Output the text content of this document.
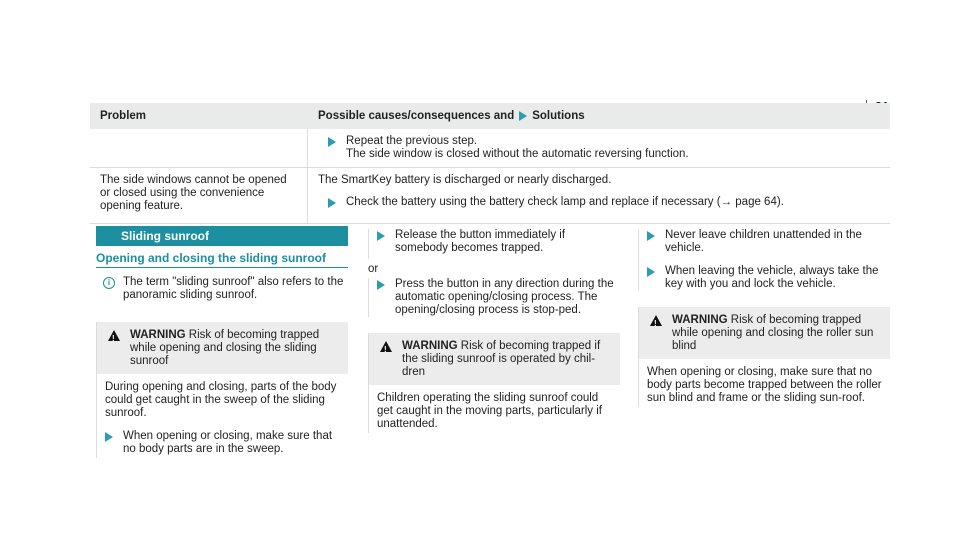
Problem	Possible causes/consequences and Solutions
Repeat the previous step.
The side window is closed without the automatic reversing function.
The side windows cannot be opened or closed using the convenience opening feature.
The SmartKey battery is discharged or nearly discharged.
Check the battery using the battery check lamp and replace if necessary (→ page 64).
Sliding sunroof
Opening and closing the sliding sunroof
i	The term "sliding sunroof" also refers to the panoramic sliding sunroof.
! WARNING Risk of becoming trapped while opening and closing the sliding sunroof
During opening and closing, parts of the body could get caught in the sweep of the sliding sunroof.
When opening or closing, make sure that no body parts are in the sweep.
Release the button immediately if somebody becomes trapped.
or
Press the button in any direction during the automatic opening/closing process. The opening/closing process is stop-ped.
! WARNING Risk of becoming trapped if the sliding sunroof is operated by chil-dren
Children operating the sliding sunroof could get caught in the moving parts, particularly if unattended.
Never leave children unattended in the vehicle.
When leaving the vehicle, always take the key with you and lock the vehicle.
! WARNING Risk of becoming trapped while opening and closing the roller sun blind
When opening or closing, make sure that no body parts become trapped between the roller sun blind and frame or the sliding sun-roof.
